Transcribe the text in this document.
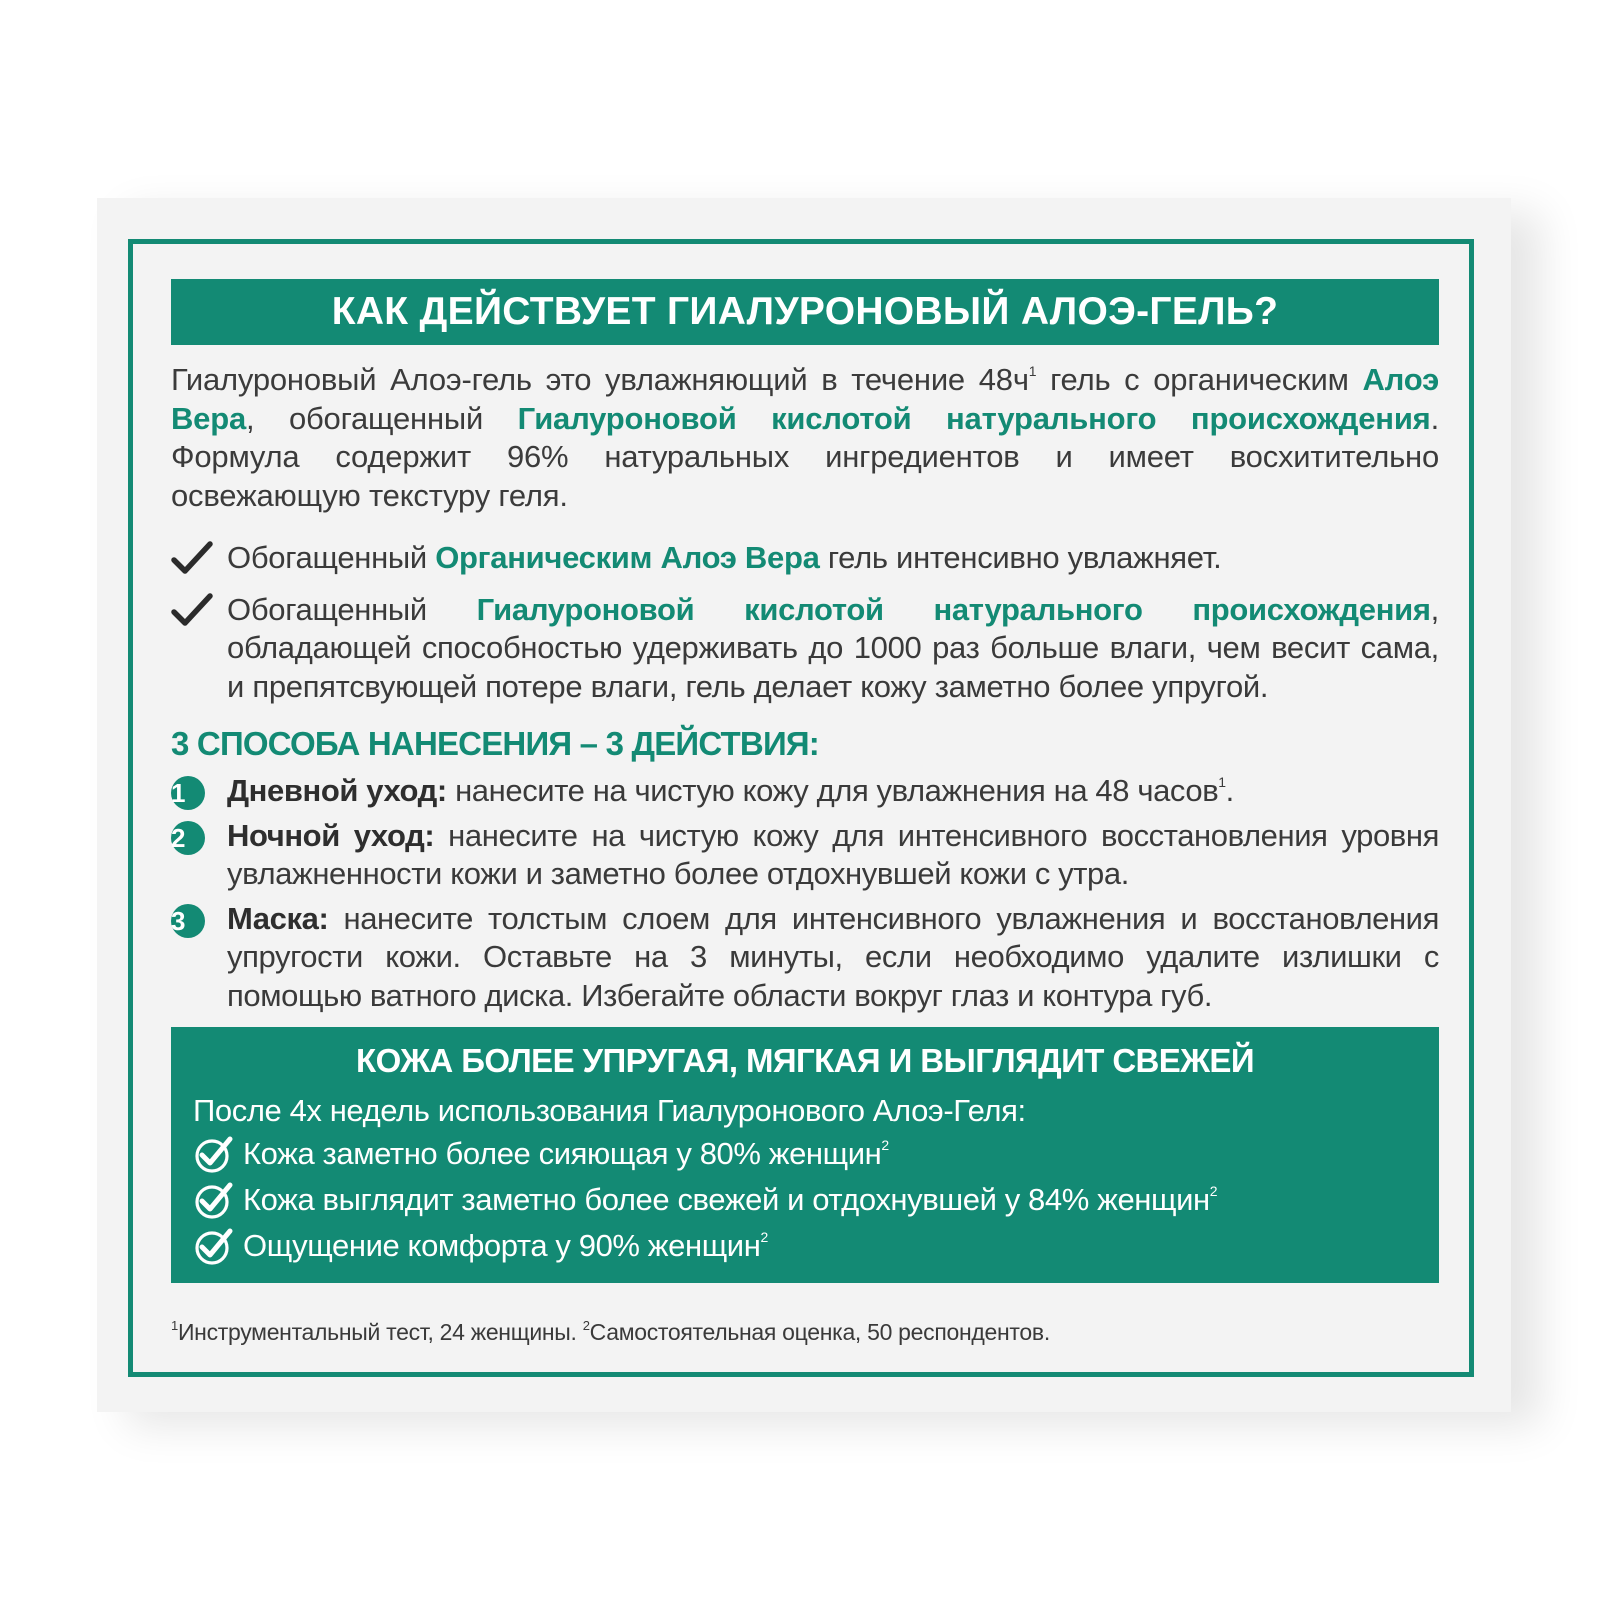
КАК ДЕЙСТВУЕТ ГИАЛУРОНОВЫЙ АЛОЭ-ГЕЛЬ?
Гиалуроновый Алоэ-гель это увлажняющий в течение $48ч^1$ гель с органическим Алоэ Вера, обогащенный Гиалуроновой кислотой натурального происхождения. Формула содержит 96% натуральных ингредиентов и имеет восхитительно освежающую текстуру геля.
Обогащенный Органическим Алоэ Вера гель интенсивно увлажняет.
Обогащенный Гиалуроновой кислотой натурального происхождения, обладающей способностью удерживать до 1000 раз больше влаги, чем весит сама, и препятсвующей потере влаги, гель делает кожу заметно более упругой.
3 СПОСОБА НАНЕСЕНИЯ – 3 ДЕЙСТВИЯ:
1	Дневной уход: нанесите на чистую кожу для увлажнения на 48 часов$^1$.
2	Ночной уход: нанесите на чистую кожу для интенсивного восстановления уровня увлажненности кожи и заметно более отдохнувшей кожи с утра.
3	Маска: нанесите толстым слоем для интенсивного увлажнения и восстановления упругости кожи. Оставьте на 3 минуты, если необходимо удалите излишки с помощью ватного диска. Избегайте области вокруг глаз и контура губ.
КОЖА БОЛЕЕ УПРУГАЯ, МЯГКАЯ И ВЫГЛЯДИТ СВЕЖЕЙ
После 4х недель использования Гиалуронового Алоэ-Геля:
Кожа заметно более сияющая у 80% женщин$^2$
Кожа выглядит заметно более свежей и отдохнувшей у 84% женщин$^2$
Ощущение комфорта у 90% женщин$^2$
$^1$Инструментальный тест, 24 женщины. $^2$Самостоятельная оценка, 50 респондентов.
